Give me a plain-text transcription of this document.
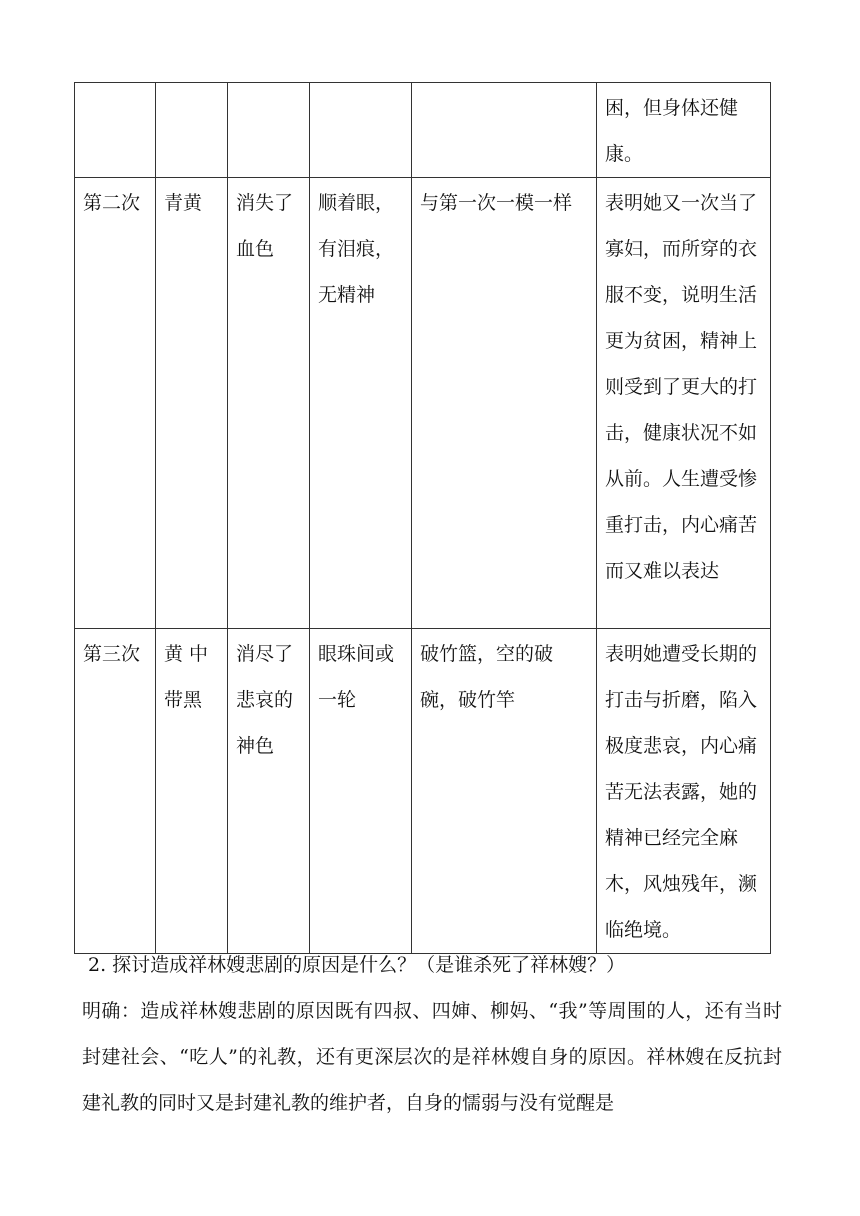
					困，但身体还健康。

第二次	青黄	消失了血色	顺着眼，有泪痕，无精神	与第一次一模一样	表明她又一次当了寡妇，而所穿的衣服不变，说明生活更为贫困，精神上则受到了更大的打击，健康状况不如从前。人生遭受惨重打击，内心痛苦而又难以表达

第三次	黄 中带黑	消尽了悲哀的神色	眼珠间或一轮	破竹篮，空的破碗，破竹竿	表明她遭受长期的打击与折磨，陷入极度悲哀，内心痛苦无法表露，她的精神已经完全麻木，风烛残年，濒临绝境。

2. 探讨造成祥林嫂悲剧的原因是什么？（是谁杀死了祥林嫂？）

明确：造成祥林嫂悲剧的原因既有四叔、四婶、柳妈、“我”等周围的人，还有当时封建社会、“吃人”的礼教，还有更深层次的是祥林嫂自身的原因。祥林嫂在反抗封建礼教的同时又是封建礼教的维护者，自身的懦弱与没有觉醒是
